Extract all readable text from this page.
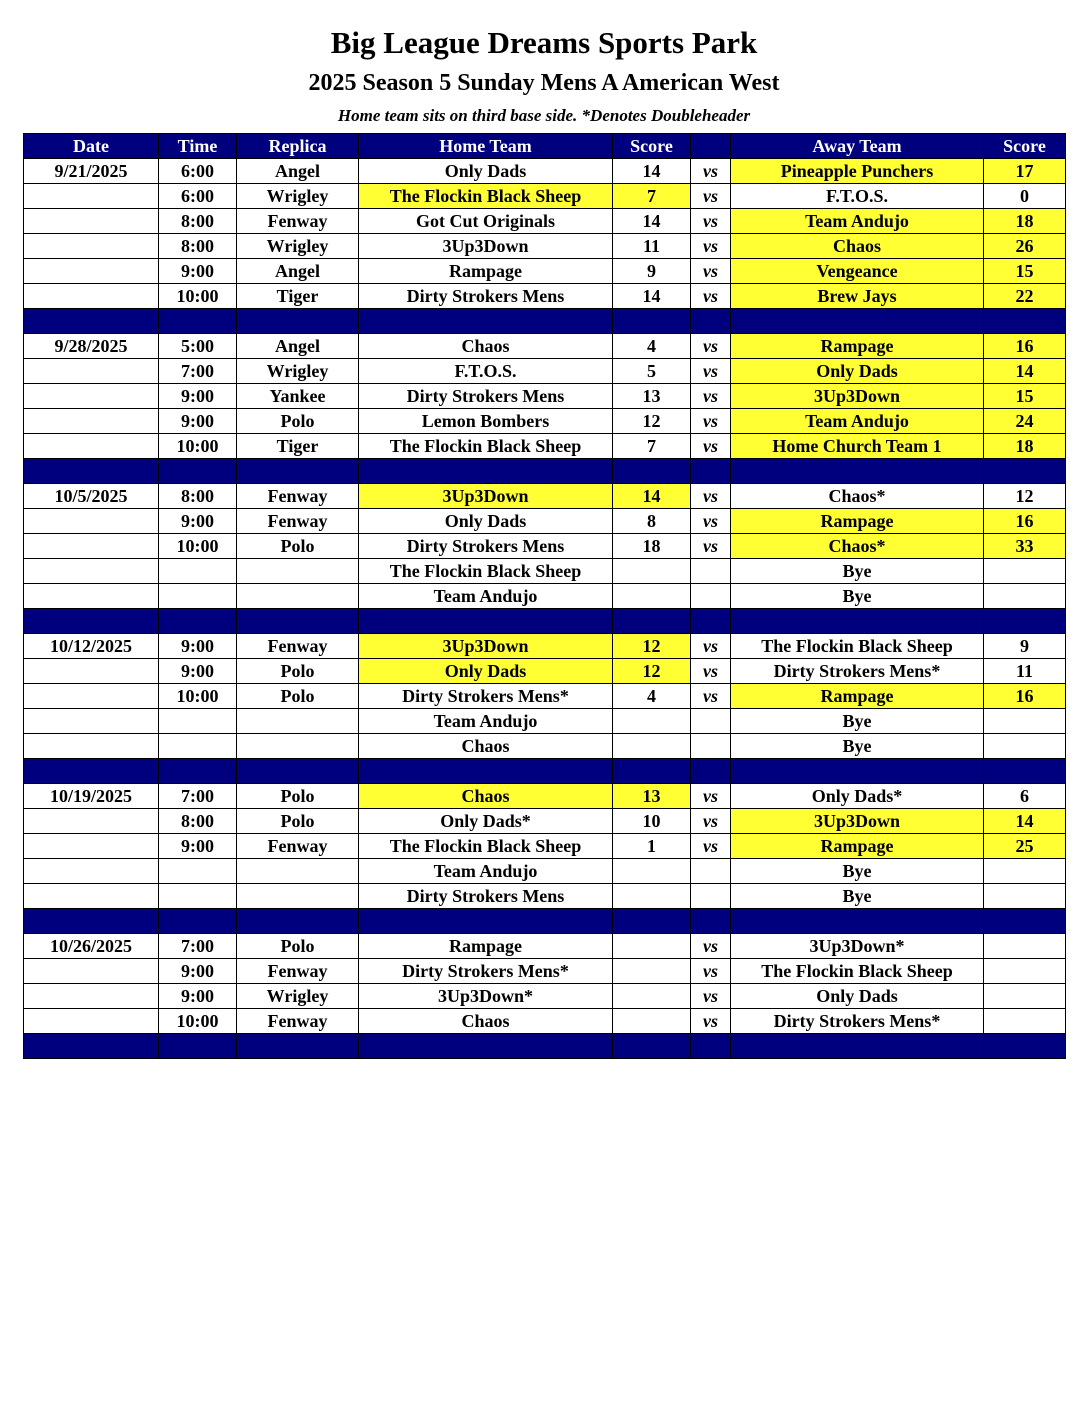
Big League Dreams Sports Park
2025 Season 5 Sunday Mens A American West
Home team sits on third base side. *Denotes Doubleheader
Date	Time	Replica	Home Team	Score		Away Team	Score
9/21/2025	6:00	Angel	Only Dads	14	vs	Pineapple Punchers	17
	6:00	Wrigley	The Flockin Black Sheep	7	vs	F.T.O.S.	0
	8:00	Fenway	Got Cut Originals	14	vs	Team Andujo	18
	8:00	Wrigley	3Up3Down	11	vs	Chaos	26
	9:00	Angel	Rampage	9	vs	Vengeance	15
	10:00	Tiger	Dirty Strokers Mens	14	vs	Brew Jays	22

9/28/2025	5:00	Angel	Chaos	4	vs	Rampage	16
	7:00	Wrigley	F.T.O.S.	5	vs	Only Dads	14
	9:00	Yankee	Dirty Strokers Mens	13	vs	3Up3Down	15
	9:00	Polo	Lemon Bombers	12	vs	Team Andujo	24
	10:00	Tiger	The Flockin Black Sheep	7	vs	Home Church Team 1	18

10/5/2025	8:00	Fenway	3Up3Down	14	vs	Chaos*	12
	9:00	Fenway	Only Dads	8	vs	Rampage	16
	10:00	Polo	Dirty Strokers Mens	18	vs	Chaos*	33
			The Flockin Black Sheep			Bye	
			Team Andujo			Bye	

10/12/2025	9:00	Fenway	3Up3Down	12	vs	The Flockin Black Sheep	9
	9:00	Polo	Only Dads	12	vs	Dirty Strokers Mens*	11
	10:00	Polo	Dirty Strokers Mens*	4	vs	Rampage	16
			Team Andujo			Bye	
			Chaos			Bye	

10/19/2025	7:00	Polo	Chaos	13	vs	Only Dads*	6
	8:00	Polo	Only Dads*	10	vs	3Up3Down	14
	9:00	Fenway	The Flockin Black Sheep	1	vs	Rampage	25
			Team Andujo			Bye	
			Dirty Strokers Mens			Bye	

10/26/2025	7:00	Polo	Rampage		vs	3Up3Down*	
	9:00	Fenway	Dirty Strokers Mens*		vs	The Flockin Black Sheep	
	9:00	Wrigley	3Up3Down*		vs	Only Dads	
	10:00	Fenway	Chaos		vs	Dirty Strokers Mens*	
